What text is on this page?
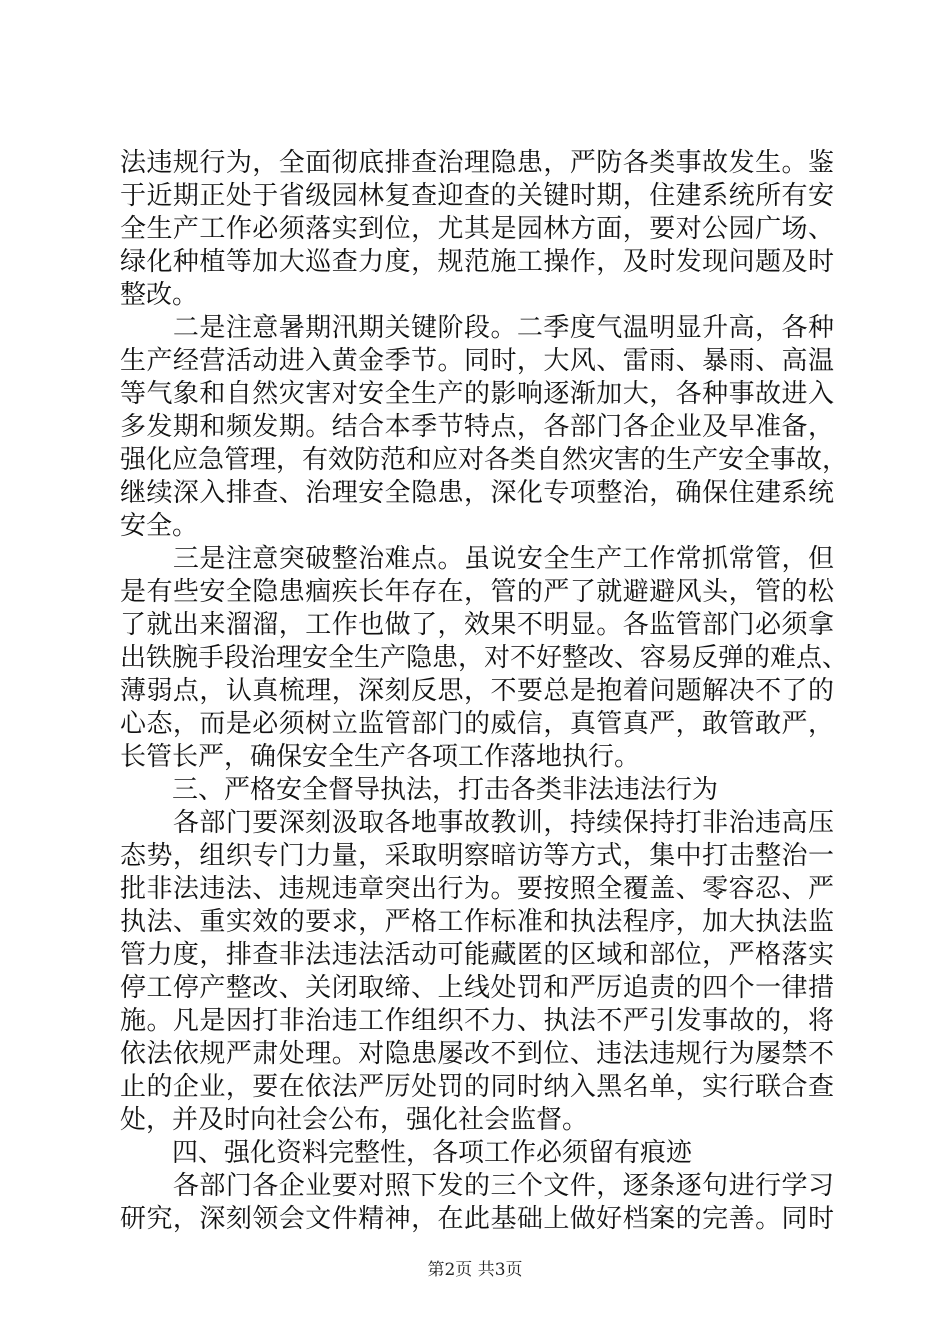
法违规行为，全面彻底排查治理隐患，严防各类事故发生。鉴
于近期正处于省级园林复查迎查的关键时期，住建系统所有安
全生产工作必须落实到位，尤其是园林方面，要对公园广场、
绿化种植等加大巡查力度，规范施工操作，及时发现问题及时
整改。
　　二是注意暑期汛期关键阶段。二季度气温明显升高，各种
生产经营活动进入黄金季节。同时，大风、雷雨、暴雨、高温
等气象和自然灾害对安全生产的影响逐渐加大，各种事故进入
多发期和频发期。结合本季节特点，各部门各企业及早准备，
强化应急管理，有效防范和应对各类自然灾害的生产安全事故，
继续深入排查、治理安全隐患，深化专项整治，确保住建系统
安全。
　　三是注意突破整治难点。虽说安全生产工作常抓常管，但
是有些安全隐患痼疾长年存在，管的严了就避避风头，管的松
了就出来溜溜，工作也做了，效果不明显。各监管部门必须拿
出铁腕手段治理安全生产隐患，对不好整改、容易反弹的难点、
薄弱点，认真梳理，深刻反思，不要总是抱着问题解决不了的
心态，而是必须树立监管部门的威信，真管真严，敢管敢严，
长管长严，确保安全生产各项工作落地执行。
　　三、严格安全督导执法，打击各类非法违法行为
　　各部门要深刻汲取各地事故教训，持续保持打非治违高压
态势，组织专门力量，采取明察暗访等方式，集中打击整治一
批非法违法、违规违章突出行为。要按照全覆盖、零容忍、严
执法、重实效的要求，严格工作标准和执法程序，加大执法监
管力度，排查非法违法活动可能藏匿的区域和部位，严格落实
停工停产整改、关闭取缔、上线处罚和严厉追责的四个一律措
施。凡是因打非治违工作组织不力、执法不严引发事故的，将
依法依规严肃处理。对隐患屡改不到位、违法违规行为屡禁不
止的企业，要在依法严厉处罚的同时纳入黑名单，实行联合查
处，并及时向社会公布，强化社会监督。
　　四、强化资料完整性，各项工作必须留有痕迹
　　各部门各企业要对照下发的三个文件，逐条逐句进行学习
研究，深刻领会文件精神，在此基础上做好档案的完善。同时
第2页 共3页
